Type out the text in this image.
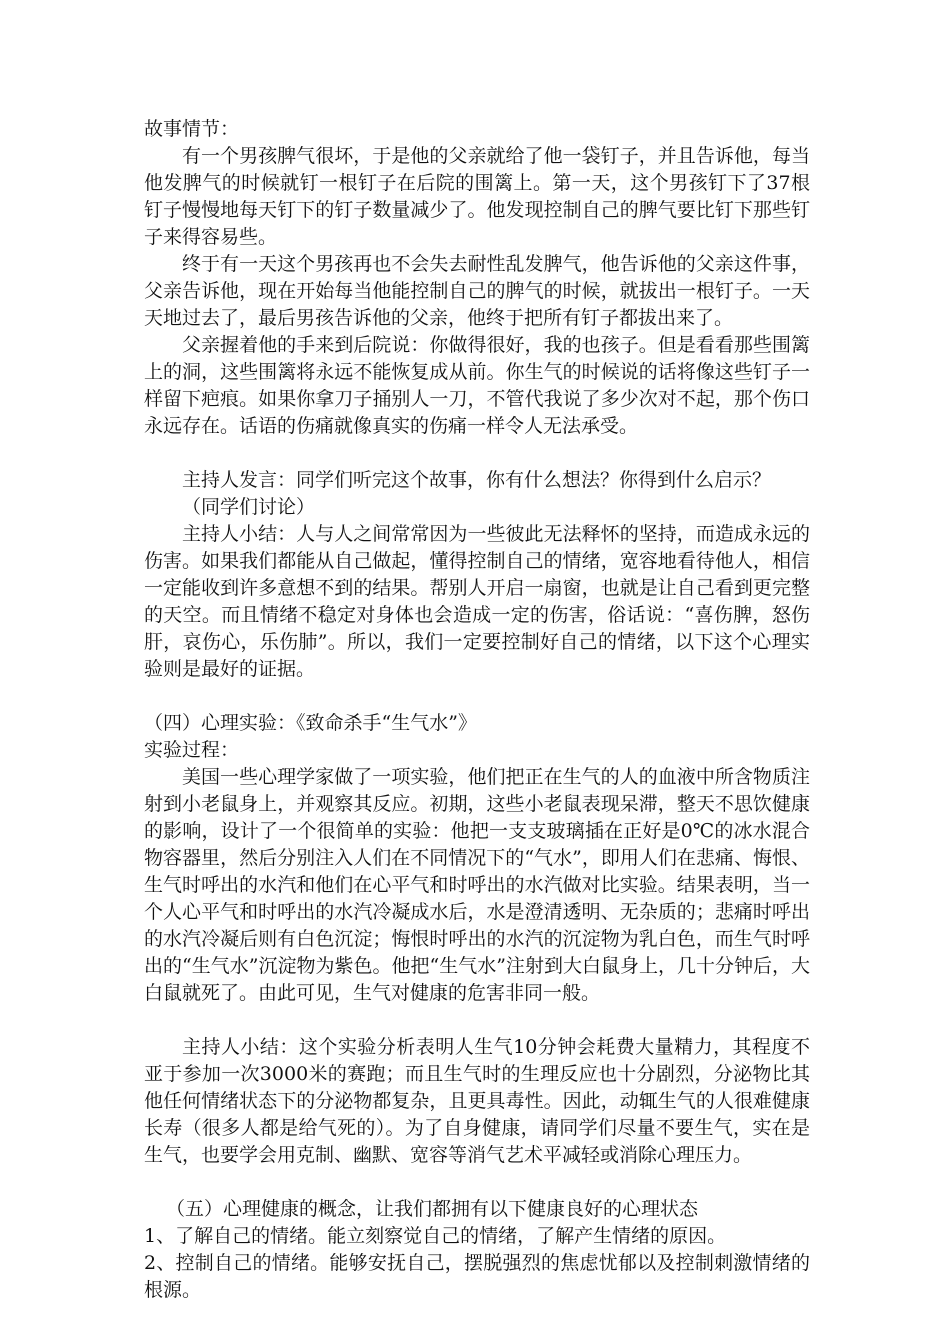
故事情节：

有一个男孩脾气很坏，于是他的父亲就给了他一袋钉子，并且告诉他，每当他发脾气的时候就钉一根钉子在后院的围篱上。第一天，这个男孩钉下了37根钉子慢慢地每天钉下的钉子数量减少了。他发现控制自己的脾气要比钉下那些钉子来得容易些。

终于有一天这个男孩再也不会失去耐性乱发脾气，他告诉他的父亲这件事，父亲告诉他，现在开始每当他能控制自己的脾气的时候，就拔出一根钉子。一天天地过去了，最后男孩告诉他的父亲，他终于把所有钉子都拔出来了。

父亲握着他的手来到后院说：你做得很好，我的也孩子。但是看看那些围篱上的洞，这些围篱将永远不能恢复成从前。你生气的时候说的话将像这些钉子一样留下疤痕。如果你拿刀子捅别人一刀，不管代我说了多少次对不起，那个伤口永远存在。话语的伤痛就像真实的伤痛一样令人无法承受。

主持人发言：同学们听完这个故事，你有什么想法？你得到什么启示？

（同学们讨论）

主持人小结：人与人之间常常因为一些彼此无法释怀的坚持，而造成永远的伤害。如果我们都能从自己做起，懂得控制自己的情绪，宽容地看待他人，相信一定能收到许多意想不到的结果。帮别人开启一扇窗，也就是让自己看到更完整的天空。而且情绪不稳定对身体也会造成一定的伤害，俗话说：“喜伤脾，怒伤肝，哀伤心，乐伤肺”。所以，我们一定要控制好自己的情绪，以下这个心理实验则是最好的证据。

（四）心理实验：《致命杀手“生气水”》

实验过程：

美国一些心理学家做了一项实验，他们把正在生气的人的血液中所含物质注射到小老鼠身上，并观察其反应。初期，这些小老鼠表现呆滞，整天不思饮健康的影响，设计了一个很简单的实验：他把一支支玻璃插在正好是0℃的冰水混合物容器里，然后分别注入人们在不同情况下的“气水”，即用人们在悲痛、悔恨、生气时呼出的水汽和他们在心平气和时呼出的水汽做对比实验。结果表明，当一个人心平气和时呼出的水汽冷凝成水后，水是澄清透明、无杂质的；悲痛时呼出的水汽冷凝后则有白色沉淀；悔恨时呼出的水汽的沉淀物为乳白色，而生气时呼出的“生气水”沉淀物为紫色。他把“生气水”注射到大白鼠身上，几十分钟后，大白鼠就死了。由此可见，生气对健康的危害非同一般。

主持人小结：这个实验分析表明人生气10分钟会耗费大量精力，其程度不亚于参加一次3000米的赛跑；而且生气时的生理反应也十分剧烈，分泌物比其他任何情绪状态下的分泌物都复杂，且更具毒性。因此，动辄生气的人很难健康长寿（很多人都是给气死的）。为了自身健康，请同学们尽量不要生气，实在是生气，也要学会用克制、幽默、宽容等消气艺术平减轻或消除心理压力。

（五）心理健康的概念，让我们都拥有以下健康良好的心理状态

1、了解自己的情绪。能立刻察觉自己的情绪，了解产生情绪的原因。

2、控制自己的情绪。能够安抚自己，摆脱强烈的焦虑忧郁以及控制刺激情绪的根源。
